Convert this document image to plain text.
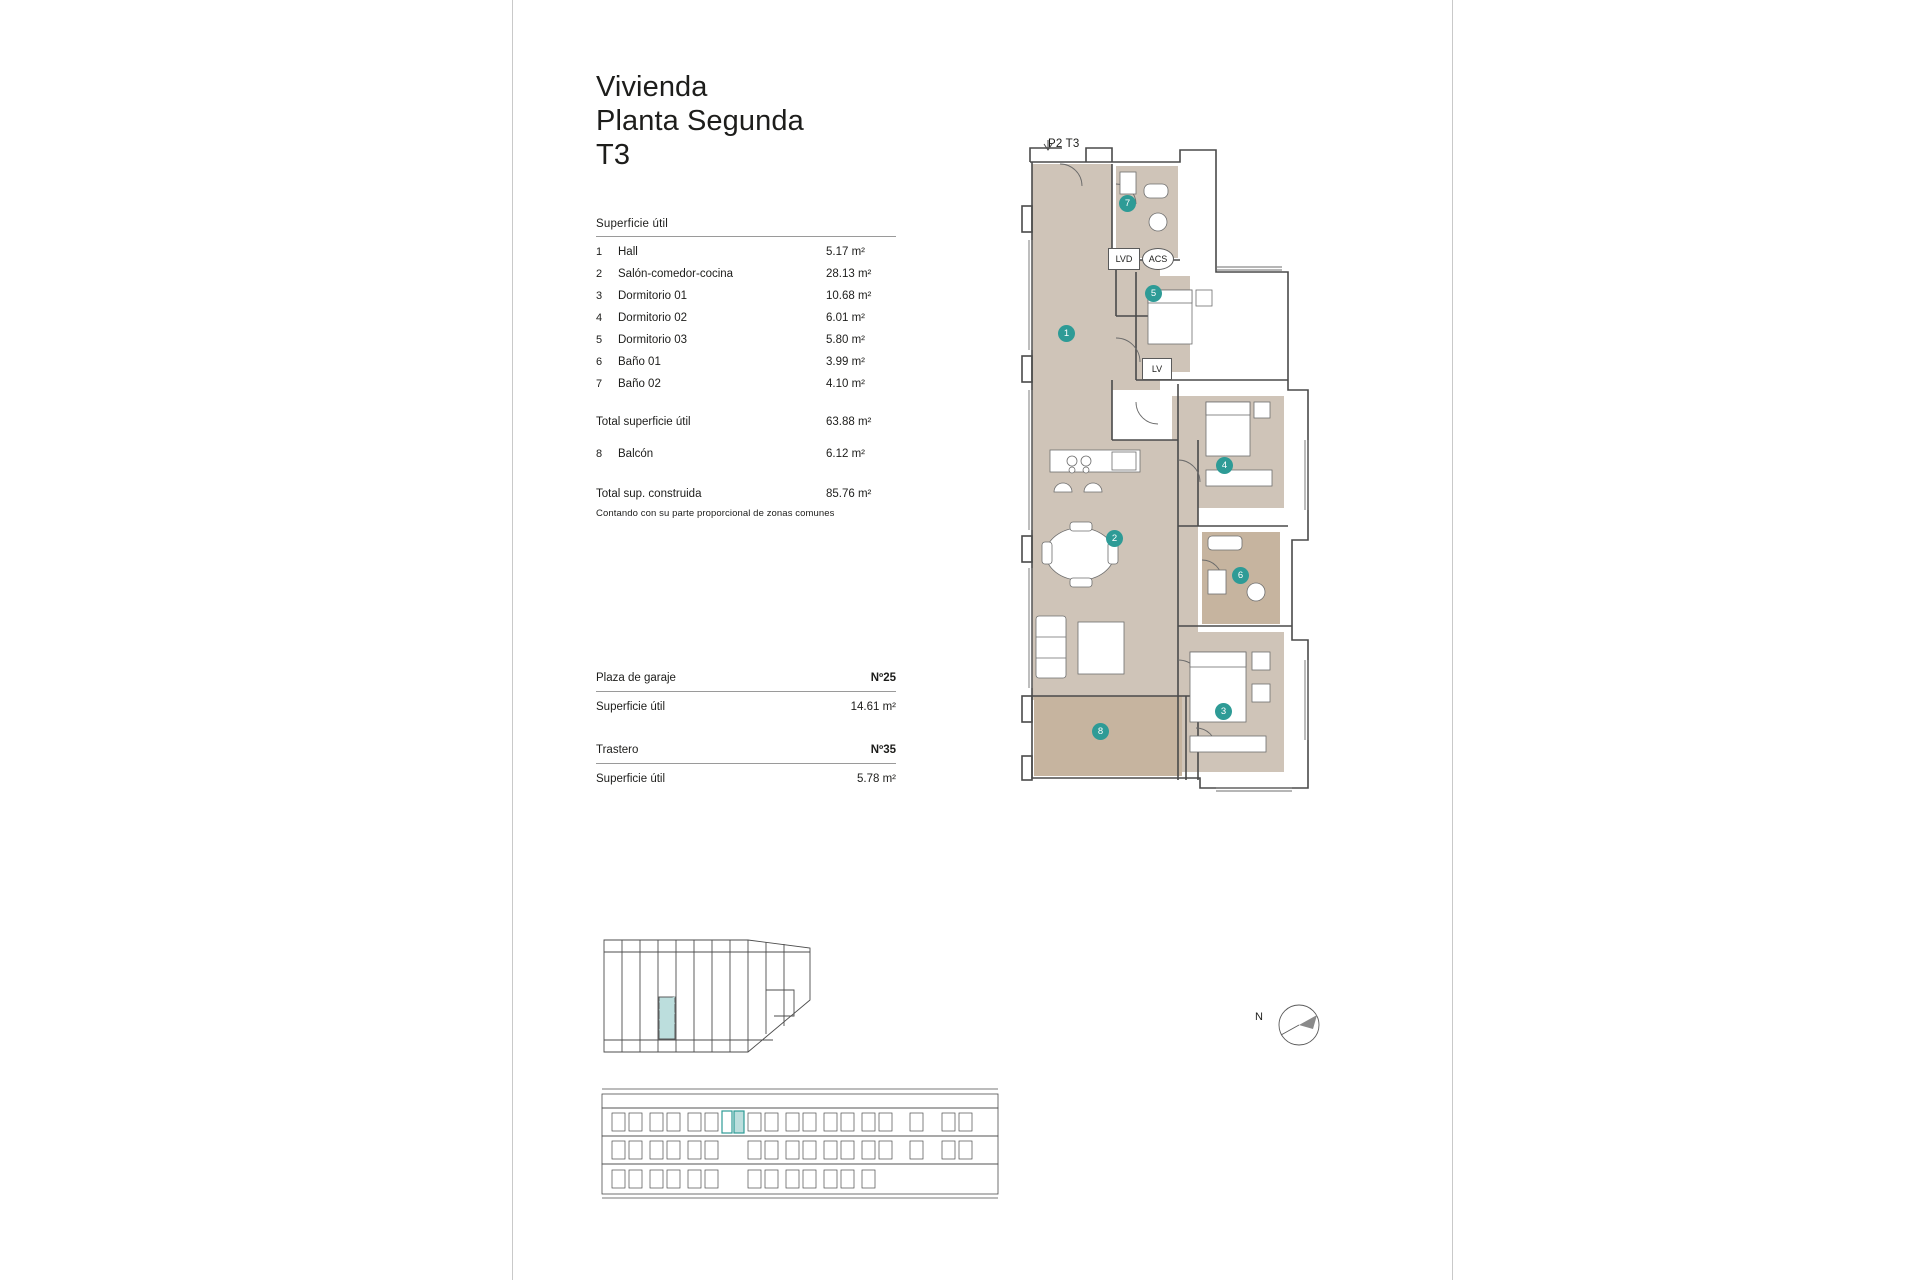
Vivienda
Planta Segunda
T3
Superficie útil
1	Hall	5.17 m²
2	Salón-comedor-cocina	28.13 m²
3	Dormitorio 01	10.68 m²
4	Dormitorio 02	6.01 m²
5	Dormitorio 03	5.80 m²
6	Baño 01	3.99 m²
7	Baño 02	4.10 m²
Total superficie útil	63.88 m²
8	Balcón	6.12 m²
Total sup. construida	85.76 m²
Contando con su parte proporcional de zonas comunes
Plaza de garaje	Nº25
Superficie útil	14.61 m²
Trastero	Nº35
Superficie útil	5.78 m²
P2 T3
1
2
3
4
5
6
7
8
LVD	ACS
LV
N
